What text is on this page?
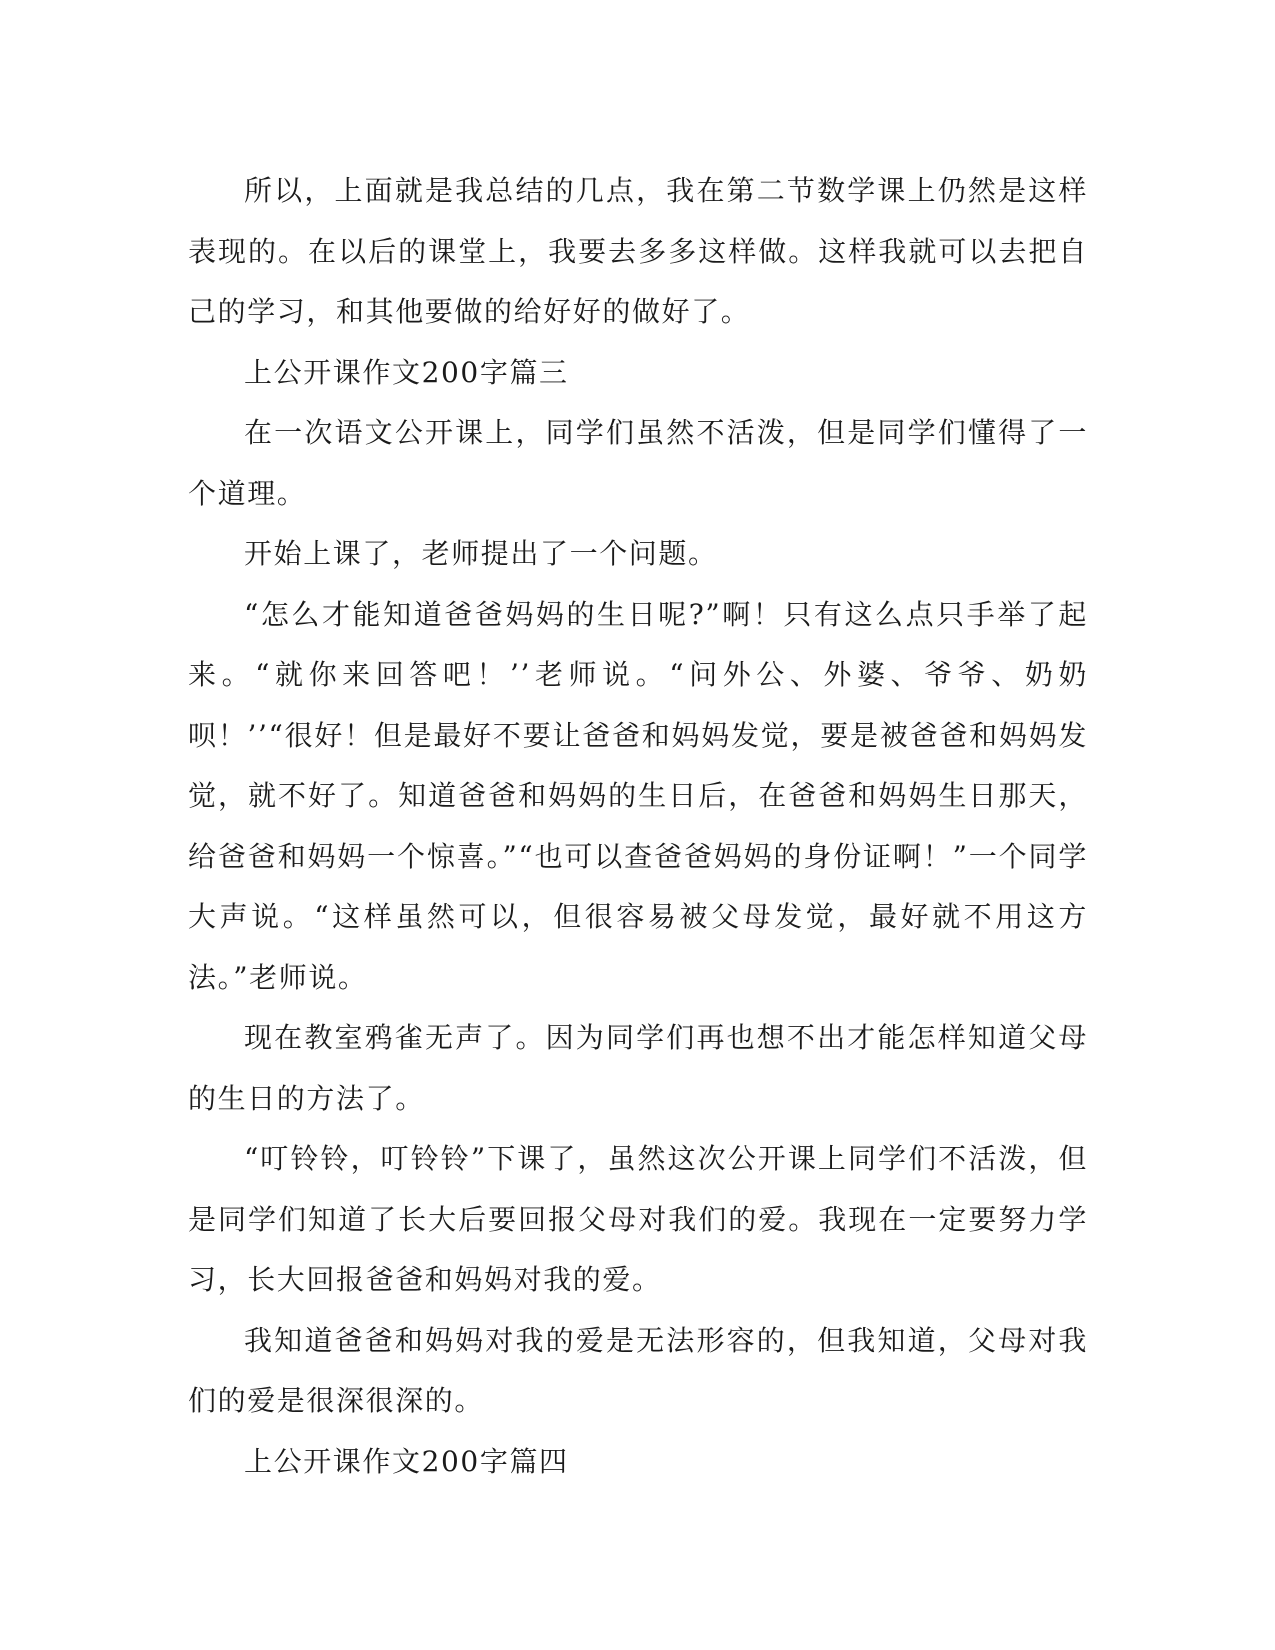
所以，上面就是我总结的几点，我在第二节数学课上仍然是这样表现的。在以后的课堂上，我要去多多这样做。这样我就可以去把自己的学习，和其他要做的给好好的做好了。

上公开课作文200字篇三

在一次语文公开课上，同学们虽然不活泼，但是同学们懂得了一个道理。

开始上课了，老师提出了一个问题。

“怎么才能知道爸爸妈妈的生日呢?”啊！只有这么点只手举了起来。“就你来回答吧！’’老师说。“问外公、外婆、爷爷、奶奶呗！’’“很好！但是最好不要让爸爸和妈妈发觉，要是被爸爸和妈妈发觉，就不好了。知道爸爸和妈妈的生日后，在爸爸和妈妈生日那天，给爸爸和妈妈一个惊喜。”“也可以查爸爸妈妈的身份证啊！”一个同学大声说。“这样虽然可以，但很容易被父母发觉，最好就不用这方法。”老师说。

现在教室鸦雀无声了。因为同学们再也想不出才能怎样知道父母的生日的方法了。

“叮铃铃，叮铃铃”下课了，虽然这次公开课上同学们不活泼，但是同学们知道了长大后要回报父母对我们的爱。我现在一定要努力学习，长大回报爸爸和妈妈对我的爱。

我知道爸爸和妈妈对我的爱是无法形容的，但我知道，父母对我们的爱是很深很深的。

上公开课作文200字篇四
